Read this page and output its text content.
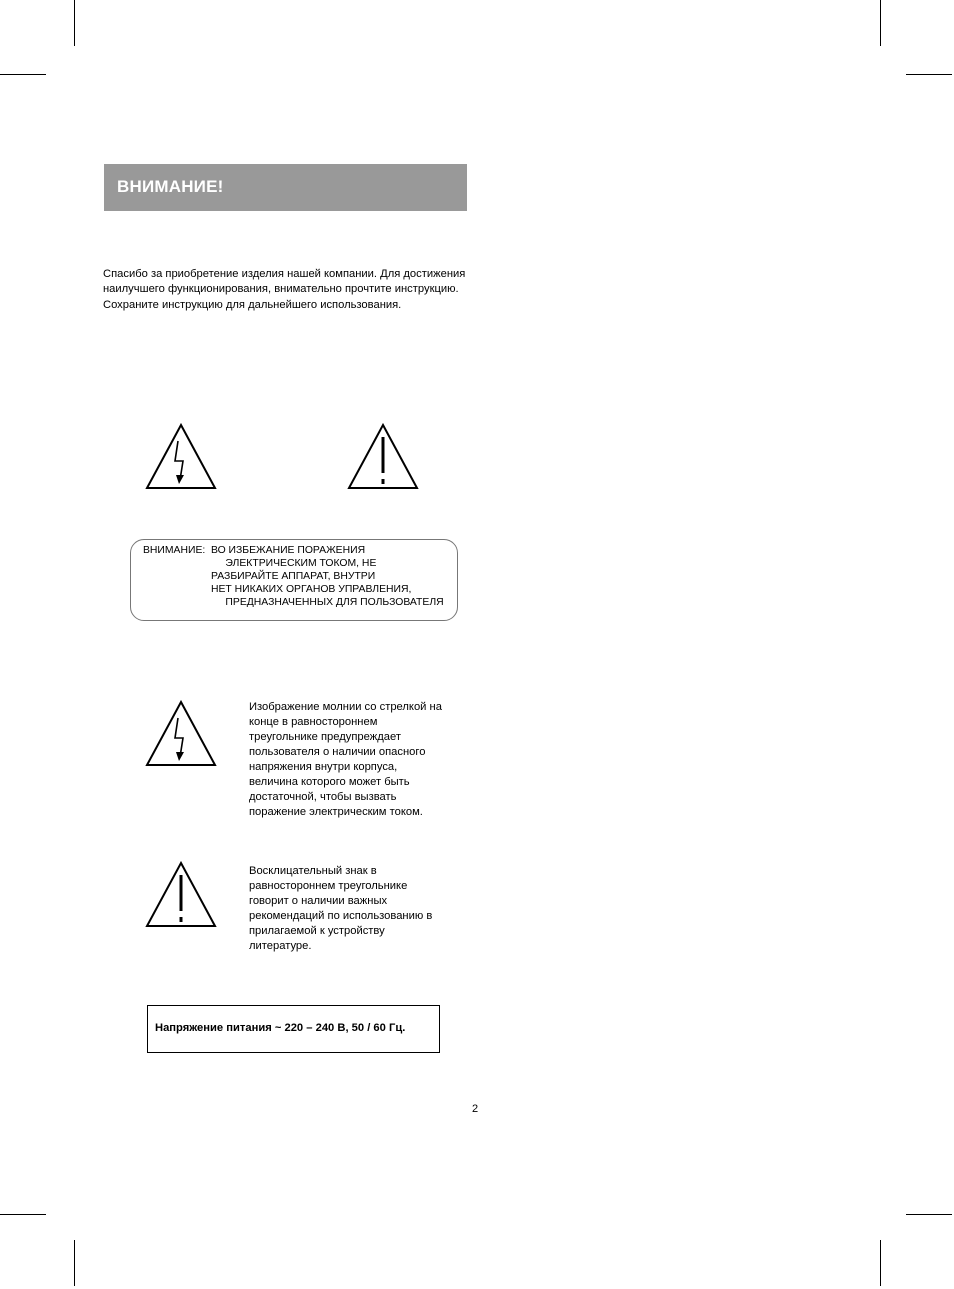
ВНИМАНИЕ!
Спасибо за приобретение изделия нашей компании. Для достижения наилучшего функционирования, внимательно прочтите инструкцию. Сохраните инструкцию для дальнейшего использования.
ВНИМАНИЕ: ВО ИЗБЕЖАНИЕ ПОРАЖЕНИЯ
ЭЛЕКТРИЧЕСКИМ ТОКОМ, НЕ
РАЗБИРАЙТЕ АППАРАТ, ВНУТРИ
НЕТ НИКАКИХ ОРГАНОВ УПРАВЛЕНИЯ,
ПРЕДНАЗНАЧЕННЫХ ДЛЯ ПОЛЬЗОВАТЕЛЯ
Изображение молнии со стрелкой на
конце в равностороннем
треугольнике предупреждает
пользователя о наличии опасного
напряжения внутри корпуса,
величина которого может быть
достаточной, чтобы вызвать
поражение электрическим током.
Восклицательный знак в
равностороннем треугольнике
говорит о наличии важных
рекомендаций по использованию в
прилагаемой к устройству
литературе.
Напряжение питания ~ 220 – 240 В, 50 / 60 Гц.
2
